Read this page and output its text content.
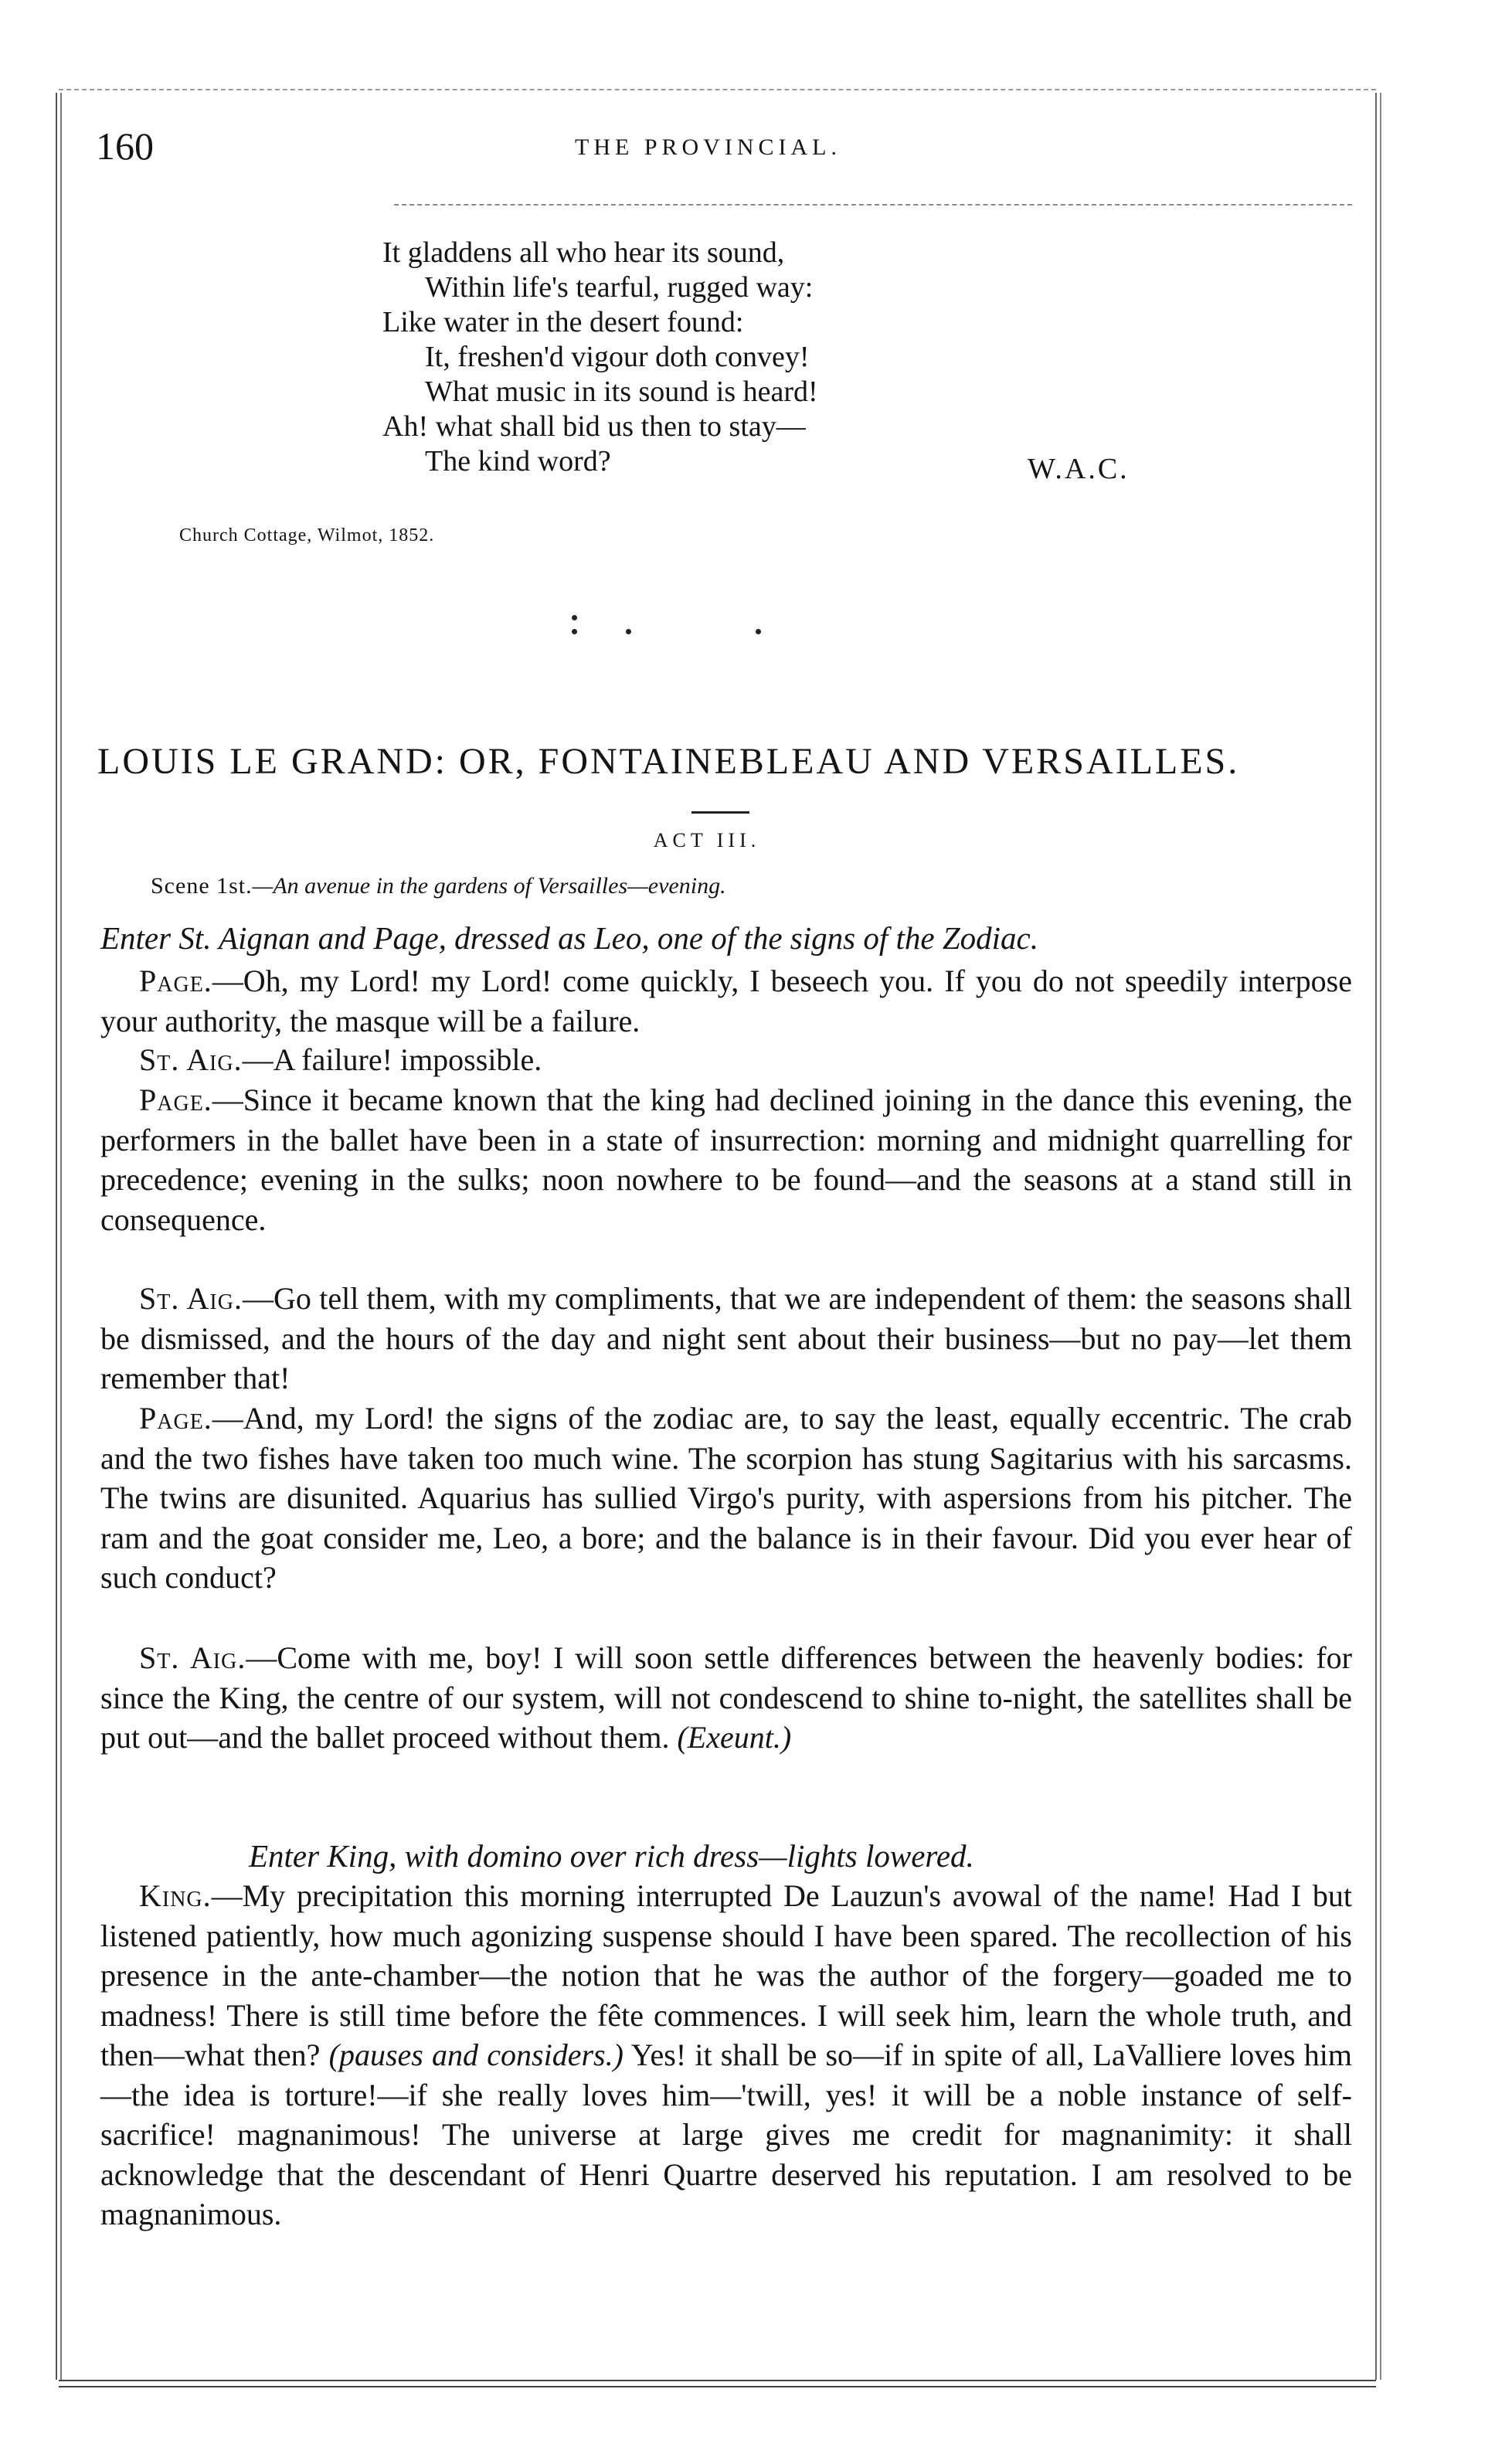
160	THE PROVINCIAL.
It gladdens all who hear its sound,
Within life's tearful, rugged way:
Like water in the desert found:
It, freshen'd vigour doth convey!
What music in its sound is heard!
Ah! what shall bid us then to stay—
The kind word?	W.A.C.
Church Cottage, Wilmot, 1852.
LOUIS LE GRAND: OR, FONTAINEBLEAU AND VERSAILLES.
ACT III.
Scene 1st.—An avenue in the gardens of Versailles—evening.
Enter St. Aignan and Page, dressed as Leo, one of the signs of the Zodiac.
Page.—Oh, my Lord! my Lord! come quickly, I beseech you. If you do not speedily interpose your authority, the masque will be a failure.
St. Aig.—A failure! impossible.
Page.—Since it became known that the king had declined joining in the dance this evening, the performers in the ballet have been in a state of insurrection: morning and midnight quarrelling for precedence; evening in the sulks; noon nowhere to be found—and the seasons at a stand still in consequence.
St. Aig.—Go tell them, with my compliments, that we are independent of them: the seasons shall be dismissed, and the hours of the day and night sent about their business—but no pay—let them remember that!
Page.—And, my Lord! the signs of the zodiac are, to say the least, equally eccentric. The crab and the two fishes have taken too much wine. The scorpion has stung Sagitarius with his sarcasms. The twins are disunited. Aquarius has sullied Virgo's purity, with aspersions from his pitcher. The ram and the goat consider me, Leo, a bore; and the balance is in their favour. Did you ever hear of such conduct?
St. Aig.—Come with me, boy! I will soon settle differences between the heavenly bodies: for since the King, the centre of our system, will not condescend to shine to-night, the satellites shall be put out—and the ballet proceed without them. (Exeunt.)
Enter King, with domino over rich dress—lights lowered.
King.—My precipitation this morning interrupted De Lauzun's avowal of the name! Had I but listened patiently, how much agonizing suspense should I have been spared. The recollection of his presence in the ante-chamber—the notion that he was the author of the forgery—goaded me to madness! There is still time before the fête commences. I will seek him, learn the whole truth, and then—what then? (pauses and considers.) Yes! it shall be so—if in spite of all, LaValliere loves him—the idea is torture!—if she really loves him—'twill, yes! it will be a noble instance of self-sacrifice! magnanimous! The universe at large gives me credit for magnanimity: it shall acknowledge that the descendant of Henri Quartre deserved his reputation. I am resolved to be magnanimous.
